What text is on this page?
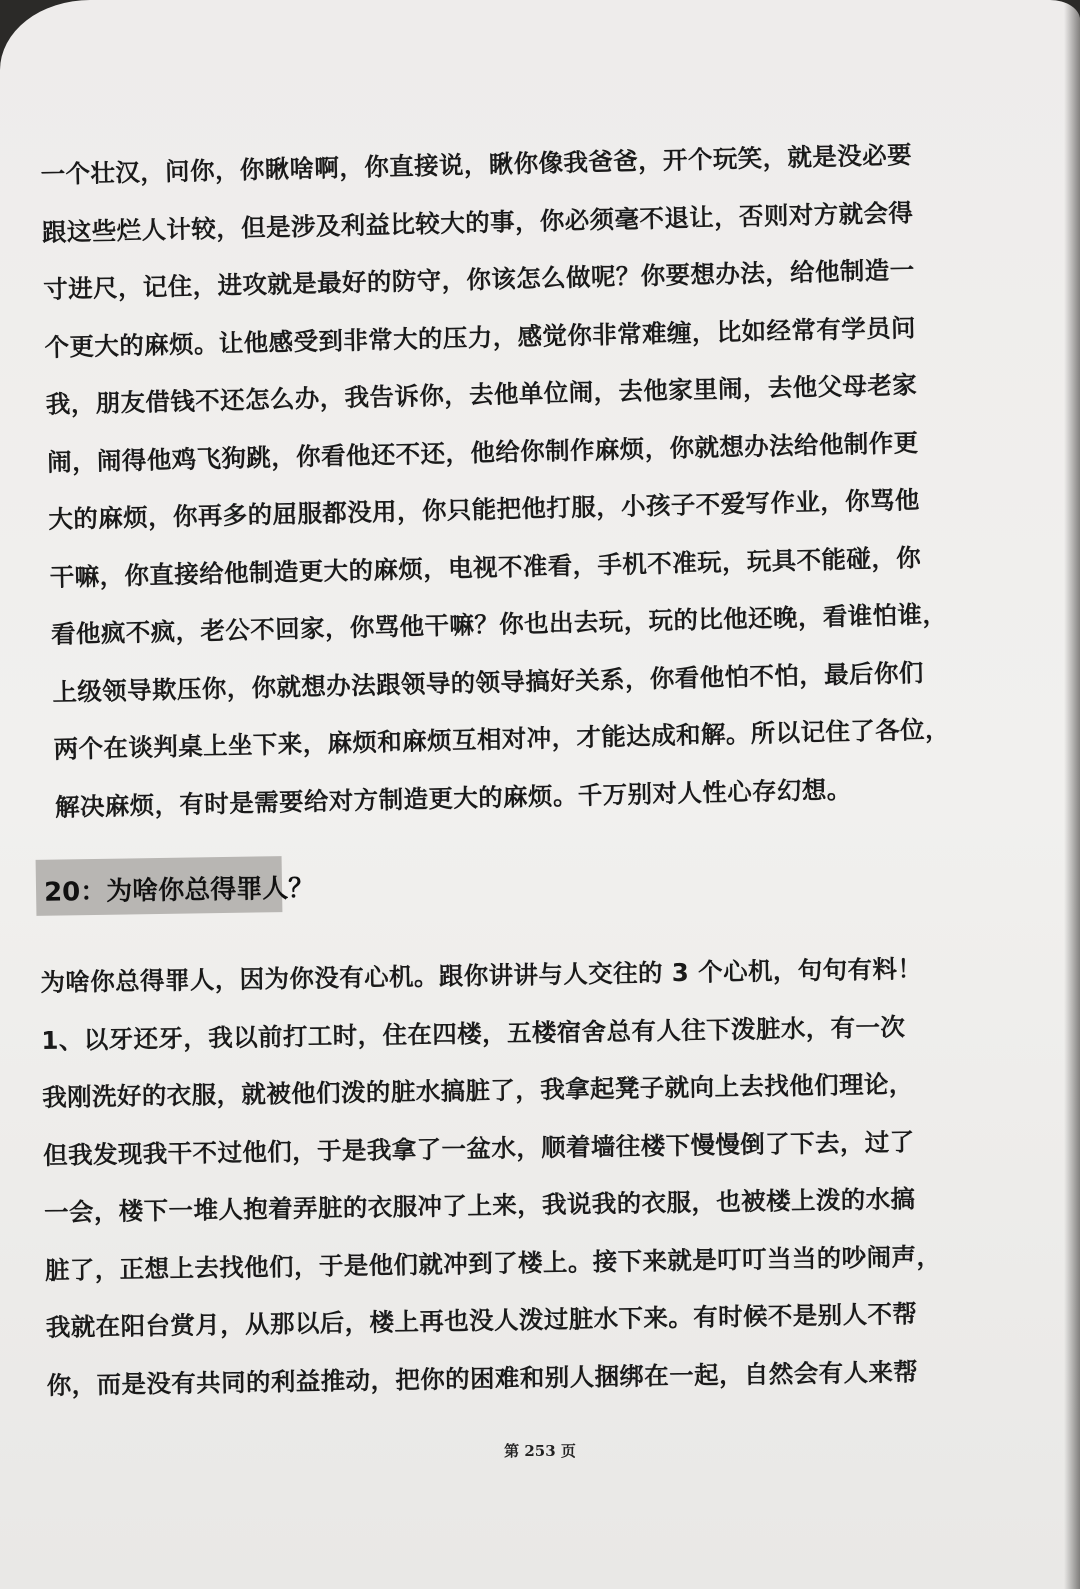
一个壮汉，问你，你瞅啥啊，你直接说，瞅你像我爸爸，开个玩笑，就是没必要
跟这些烂人计较，但是涉及利益比较大的事，你必须毫不退让，否则对方就会得
寸进尺，记住，进攻就是最好的防守，你该怎么做呢？你要想办法，给他制造一
个更大的麻烦。让他感受到非常大的压力，感觉你非常难缠，比如经常有学员问
我，朋友借钱不还怎么办，我告诉你，去他单位闹，去他家里闹，去他父母老家
闹，闹得他鸡飞狗跳，你看他还不还，他给你制作麻烦，你就想办法给他制作更
大的麻烦，你再多的屈服都没用，你只能把他打服，小孩子不爱写作业，你骂他
干嘛，你直接给他制造更大的麻烦，电视不准看，手机不准玩，玩具不能碰，你
看他疯不疯，老公不回家，你骂他干嘛？你也出去玩，玩的比他还晚，看谁怕谁，
上级领导欺压你，你就想办法跟领导的领导搞好关系，你看他怕不怕，最后你们
两个在谈判桌上坐下来，麻烦和麻烦互相对冲，才能达成和解。所以记住了各位，
解决麻烦，有时是需要给对方制造更大的麻烦。千万别对人性心存幻想。
20：为啥你总得罪人？
为啥你总得罪人，因为你没有心机。跟你讲讲与人交往的 3 个心机，句句有料！
1、以牙还牙，我以前打工时，住在四楼，五楼宿舍总有人往下泼脏水，有一次
我刚洗好的衣服，就被他们泼的脏水搞脏了，我拿起凳子就向上去找他们理论，
但我发现我干不过他们，于是我拿了一盆水，顺着墙往楼下慢慢倒了下去，过了
一会，楼下一堆人抱着弄脏的衣服冲了上来，我说我的衣服，也被楼上泼的水搞
脏了，正想上去找他们，于是他们就冲到了楼上。接下来就是叮叮当当的吵闹声，
我就在阳台赏月，从那以后，楼上再也没人泼过脏水下来。有时候不是别人不帮
你，而是没有共同的利益推动，把你的困难和别人捆绑在一起，自然会有人来帮
第 253 页
